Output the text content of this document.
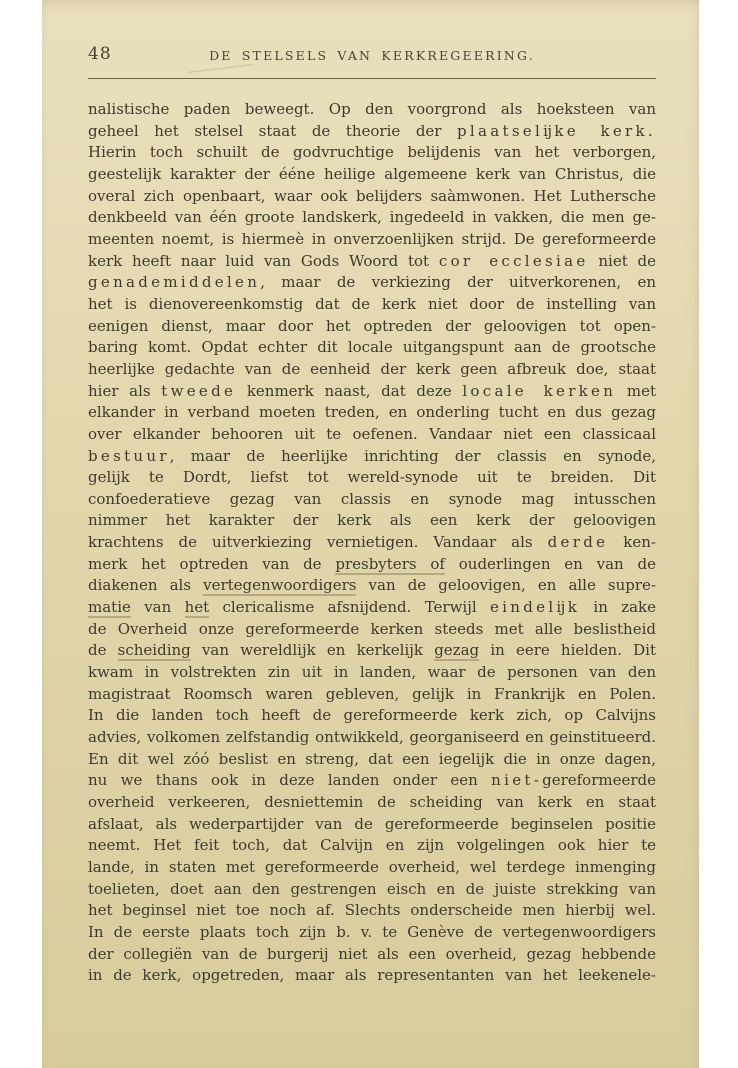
48	DE STELSELS VAN KERKREGEERING.
nalistische paden beweegt. Op den voorgrond als hoeksteen van
geheel het stelsel staat de theorie der plaatselĳke kerk.
Hierin toch schuilt de godvruchtige belijdenis van het verborgen,
geestelijk karakter der ééne heilige algemeene kerk van Christus, die
overal zich openbaart, waar ook belijders saàmwonen. Het Luthersche
denkbeeld van één groote landskerk, ingedeeld in vakken, die men ge-
meenten noemt, is hiermeè in onverzoenlijken strijd. De gereformeerde
kerk heeft naar luid van Gods Woord tot cor ecclesiae niet de
genademiddelen, maar de verkiezing der uitverkorenen, en
het is dienovereenkomstig dat de kerk niet door de instelling van
eenigen dienst, maar door het optreden der geloovigen tot open-
baring komt. Opdat echter dit locale uitgangspunt aan de grootsche
heerlijke gedachte van de eenheid der kerk geen afbreuk doe, staat
hier als tweede kenmerk naast, dat deze locale kerken met
elkander in verband moeten treden, en onderling tucht en dus gezag
over elkander behooren uit te oefenen. Vandaar niet een classicaal
bestuur, maar de heerlijke inrichting der classis en synode,
gelijk te Dordt, liefst tot wereld-synode uit te breiden. Dit
confoederatieve gezag van classis en synode mag intusschen
nimmer het karakter der kerk als een kerk der geloovigen
krachtens de uitverkiezing vernietigen. Vandaar als derde ken-
merk het optreden van de presbyters of ouderlingen en van de
diakenen als vertegenwoordigers van de geloovigen, en alle supre-
matie van het clericalisme afsnijdend. Terwijl eindelĳk in zake
de Overheid onze gereformeerde kerken steeds met alle beslistheid
de scheiding van wereldlijk en kerkelijk gezag in eere hielden. Dit
kwam in volstrekten zin uit in landen, waar de personen van den
magistraat Roomsch waren gebleven, gelijk in Frankrijk en Polen.
In die landen toch heeft de gereformeerde kerk zich, op Calvijns
advies, volkomen zelfstandig ontwikkeld, georganiseerd en geinstitueerd.
En dit wel zóó beslist en streng, dat een iegelijk die in onze dagen,
nu we thans ook in deze landen onder een niet-gereformeerde
overheid verkeeren, desniettemin de scheiding van kerk en staat
afslaat, als wederpartijder van de gereformeerde beginselen positie
neemt. Het feit toch, dat Calvijn en zijn volgelingen ook hier te
lande, in staten met gereformeerde overheid, wel terdege inmenging
toelieten, doet aan den gestrengen eisch en de juiste strekking van
het beginsel niet toe noch af. Slechts onderscheide men hierbij wel.
In de eerste plaats toch zijn b. v. te Genève de vertegenwoordigers
der collegiën van de burgerij niet als een overheid, gezag hebbende
in de kerk, opgetreden, maar als representanten van het leekenele-
